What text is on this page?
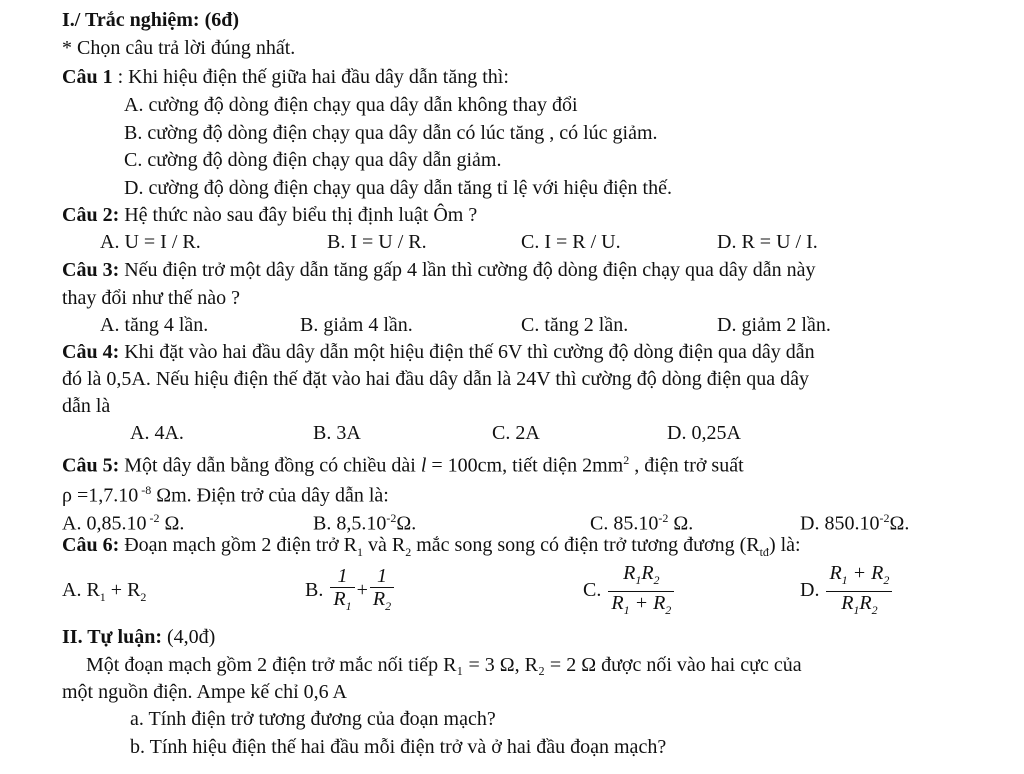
I./ Trắc nghiệm: (6đ)
* Chọn câu trả lời đúng nhất.
Câu 1 : Khi hiệu điện thế giữa hai đầu dây dẫn tăng thì:
A. cường độ dòng điện chạy qua dây dẫn không thay đổi
B. cường độ dòng điện chạy qua dây dẫn có lúc tăng , có lúc giảm.
C. cường độ dòng điện chạy qua dây dẫn giảm.
D. cường độ dòng điện chạy qua dây dẫn tăng tỉ lệ với hiệu điện thế.
Câu 2: Hệ thức nào sau đây biểu thị định luật Ôm ?
A. U = I / R.	B. I = U / R.	C. I = R / U.	D. R = U / I.
Câu 3: Nếu điện trở một dây dẫn tăng gấp 4 lần thì cường độ dòng điện chạy qua dây dẫn này
thay đổi như thế nào ?
A. tăng 4 lần.	B. giảm 4 lần.	C. tăng 2 lần.	D. giảm 2 lần.
Câu 4: Khi đặt vào hai đầu dây dẫn một hiệu điện thế 6V thì cường độ dòng điện qua dây dẫn
đó là 0,5A. Nếu hiệu điện thế đặt vào hai đầu dây dẫn là 24V thì cường độ dòng điện qua dây
dẫn là
A. 4A.	B. 3A	C. 2A	D. 0,25A
Câu 5: Một dây dẫn bằng đồng có chiều dài l = 100cm, tiết diện $2mm^2$ , điện trở suất
ρ =1,7.10 $^{-8}$ Ωm. Điện trở của dây dẫn là:
A. 0,85.10 $^{-2}$ Ω.	B. $8,5.10^{-2}\Omega$.	C. $85.10^{-2}$ Ω.	D. $850.10^{-2}\Omega$.
Câu 6: Đoạn mạch gồm 2 điện trở $R_1$ và $R_2$ mắc song song có điện trở tương đương $(R_{tđ})$ là:
A. $R_1 + R_2$	B. $\frac{1}{R_1} + \frac{1}{R_2}$	C. $\frac{R_1R_2}{R_1 + R_2}$	D. $\frac{R_1 + R_2}{R_1R_2}$
II. Tự luận: (4,0đ)
Một đoạn mạch gồm 2 điện trở mắc nối tiếp R₁ = 3 Ω, R₂ = 2 Ω được nối vào hai cực của
một nguồn điện. Ampe kế chỉ 0,6 A
a. Tính điện trở tương đương của đoạn mạch?
b. Tính hiệu điện thế hai đầu mỗi điện trở và ở hai đầu đoạn mạch?
